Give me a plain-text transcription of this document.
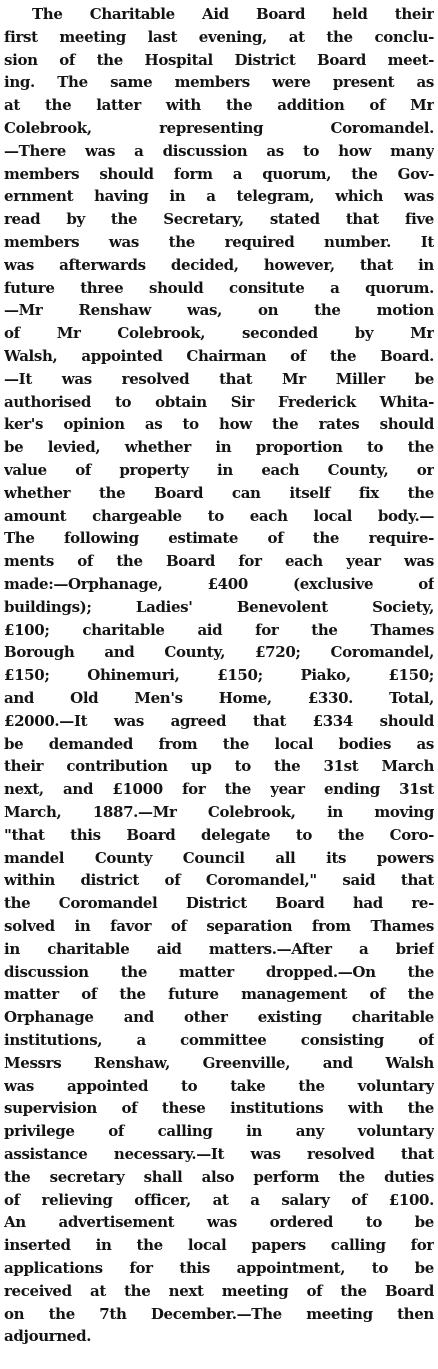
The Charitable Aid Board held their
first meeting last evening, at the conclu-
sion of the Hospital District Board meet-
ing. The same members were present as
at the latter with the addition of Mr
Colebrook, representing Coromandel.
—There was a discussion as to how many
members should form a quorum, the Gov-
ernment having in a telegram, which was
read by the Secretary, stated that five
members was the required number. It
was afterwards decided, however, that in
future three should consitute a quorum.
—Mr Renshaw was, on the motion
of Mr Colebrook, seconded by Mr
Walsh, appointed Chairman of the Board.
—It was resolved that Mr Miller be
authorised to obtain Sir Frederick Whita-
ker's opinion as to how the rates should
be levied, whether in proportion to the
value of property in each County, or
whether the Board can itself fix the
amount chargeable to each local body.—
The following estimate of the require-
ments of the Board for each year was
made:—Orphanage, £400 (exclusive of
buildings); Ladies' Benevolent Society,
£100; charitable aid for the Thames
Borough and County, £720; Coromandel,
£150; Ohinemuri, £150; Piako, £150;
and Old Men's Home, £330. Total,
£2000.—It was agreed that £334 should
be demanded from the local bodies as
their contribution up to the 31st March
next, and £1000 for the year ending 31st
March, 1887.—Mr Colebrook, in moving
"that this Board delegate to the Coro-
mandel County Council all its powers
within district of Coromandel," said that
the Coromandel District Board had re-
solved in favor of separation from Thames
in charitable aid matters.—After a brief
discussion the matter dropped.—On the
matter of the future management of the
Orphanage and other existing charitable
institutions, a committee consisting of
Messrs Renshaw, Greenville, and Walsh
was appointed to take the voluntary
supervision of these institutions with the
privilege of calling in any voluntary
assistance necessary.—It was resolved that
the secretary shall also perform the duties
of relieving officer, at a salary of £100.
An advertisement was ordered to be
inserted in the local papers calling for
applications for this appointment, to be
received at the next meeting of the Board
on the 7th December.—The meeting then
adjourned.
